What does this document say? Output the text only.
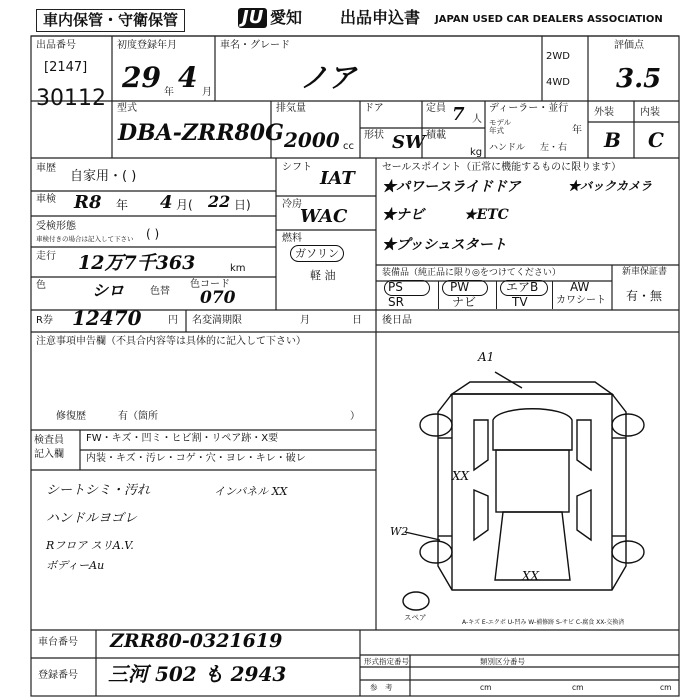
車内保管・守衛保管	JU 愛知 出品申込書 JAPAN USED CAR DEALERS ASSOCIATION
出品番号
[2147]
30112
初度登録年月
29 年 4 月
車名・グレード
ノア
2WD
4WD
評価点
3.5
型式
DBA-ZRR80G
排気量
2000 cc
ドア	定員 7 人
形状 SW 積載
kg
ディーラー・並行
モデル
年式	年
ハンドル 左・右
外装	内装
B C
車歴
自家用・( )
車検 R8 年 4 月( 22 日)
受検形態
車検付きの場合は記入して下さい ( )
走行 12万7千363	km
色	シロ	色替
色コード
070
シフト
IAT
冷房
WAC
燃料
ガソリン
軽 油
セールスポイント（正常に機能するものに限ります）
★パワースライドドア	★バックカメラ
★ナビ	★ETC
★プッシュスタート
装備品（純正品に限り◎をつけてください）
PS	PW	エアB	AW
SR	ナビ	TV	カワシート
新車保証書
有・無
R券 12470	円 名変満期限	月	日 後日品
注意事項申告欄（不具合内容等は具体的に記入して下さい）
修復歴	有（箇所	）
検査員
記入欄
FW・キズ・凹ミ・ヒビ割・リペア跡・X要
内装・キズ・汚レ・コゲ・穴・ヨレ・キレ・破レ
シートシミ・汚れ
ハンドルヨゴレ
Rフロア スリA.V.
ボディーAu
インパネル XX
A1
XX
W2
XX
スペア
A-キズ E-エクボ U-凹み W-補修跡 S-サビ C-腐食 XX-交換済
車台番号 ZRR80-0321619
登録番号 三河 502 も 2943
形式指定番号	類別区分番号
参　考	cm	cm	cm
